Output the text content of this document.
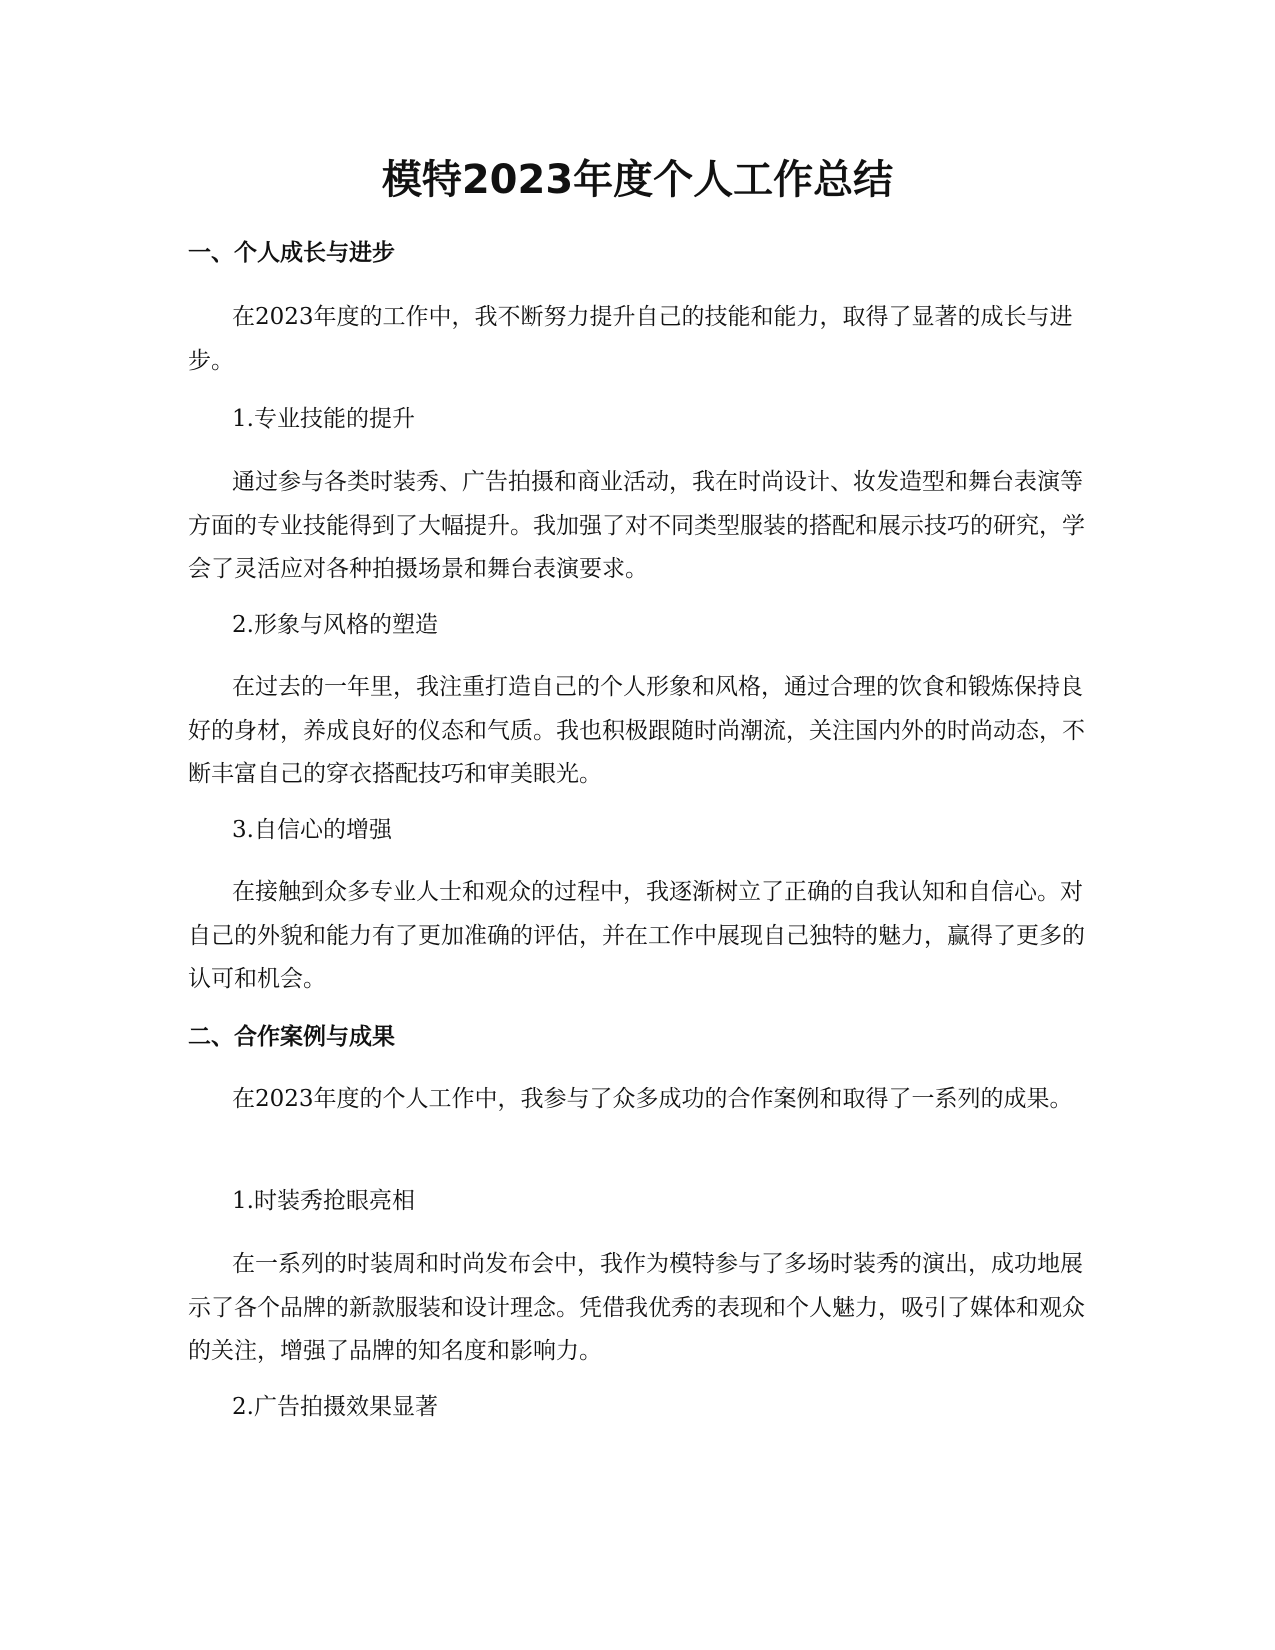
模特2023年度个人工作总结
一、个人成长与进步

在2023年度的工作中，我不断努力提升自己的技能和能力，取得了显著的成长与进步。

1.专业技能的提升

通过参与各类时装秀、广告拍摄和商业活动，我在时尚设计、妆发造型和舞台表演等方面的专业技能得到了大幅提升。我加强了对不同类型服装的搭配和展示技巧的研究，学会了灵活应对各种拍摄场景和舞台表演要求。

2.形象与风格的塑造

在过去的一年里，我注重打造自己的个人形象和风格，通过合理的饮食和锻炼保持良好的身材，养成良好的仪态和气质。我也积极跟随时尚潮流，关注国内外的时尚动态，不断丰富自己的穿衣搭配技巧和审美眼光。

3.自信心的增强

在接触到众多专业人士和观众的过程中，我逐渐树立了正确的自我认知和自信心。对自己的外貌和能力有了更加准确的评估，并在工作中展现自己独特的魅力，赢得了更多的认可和机会。

二、合作案例与成果

在2023年度的个人工作中，我参与了众多成功的合作案例和取得了一系列的成果。

1.时装秀抢眼亮相

在一系列的时装周和时尚发布会中，我作为模特参与了多场时装秀的演出，成功地展示了各个品牌的新款服装和设计理念。凭借我优秀的表现和个人魅力，吸引了媒体和观众的关注，增强了品牌的知名度和影响力。

2.广告拍摄效果显著
